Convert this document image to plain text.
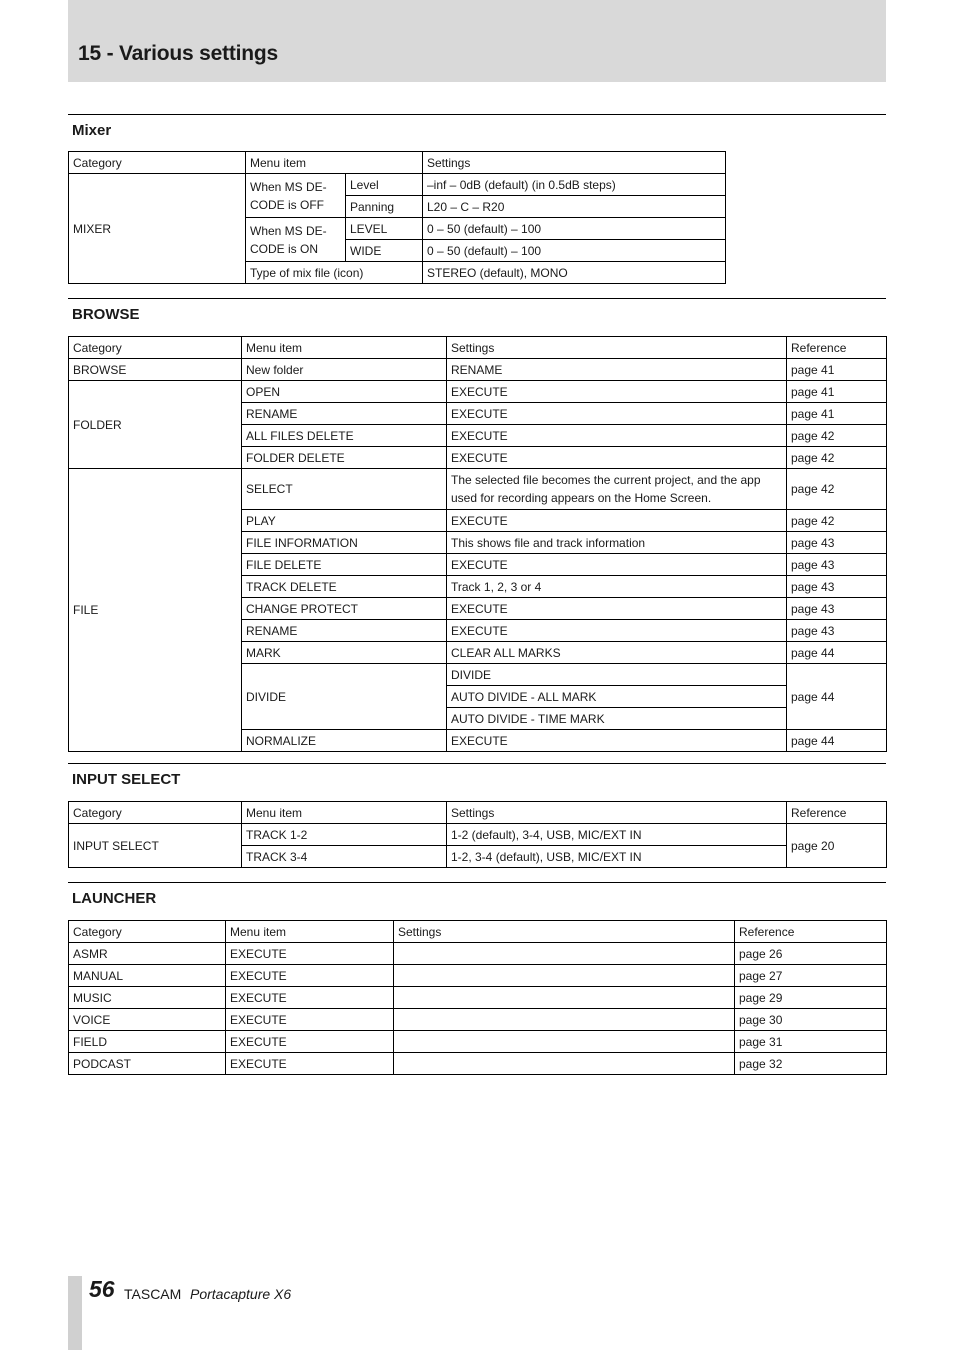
15 - Various settings
Mixer
Category	Menu item		Settings
MIXER	When MS DE-CODE is OFF	Level	–inf – 0dB (default) (in 0.5dB steps)
		Panning	L20 – C – R20
	When MS DE-CODE is ON	LEVEL	0 – 50 (default) – 100
		WIDE	0 – 50 (default) – 100
	Type of mix file (icon)		STEREO (default), MONO
BROWSE
Category	Menu item	Settings	Reference
BROWSE	New folder	RENAME	page 41
FOLDER	OPEN	EXECUTE	page 41
	RENAME	EXECUTE	page 41
	ALL FILES DELETE	EXECUTE	page 42
	FOLDER DELETE	EXECUTE	page 42
FILE	SELECT	The selected file becomes the current project, and the app used for recording appears on the Home Screen.	page 42
	PLAY	EXECUTE	page 42
	FILE INFORMATION	This shows file and track information	page 43
	FILE DELETE	EXECUTE	page 43
	TRACK DELETE	Track 1, 2, 3 or 4	page 43
	CHANGE PROTECT	EXECUTE	page 43
	RENAME	EXECUTE	page 43
	MARK	CLEAR ALL MARKS	page 44
	DIVIDE	DIVIDE	page 44
		AUTO DIVIDE - ALL MARK	
		AUTO DIVIDE - TIME MARK	
	NORMALIZE	EXECUTE	page 44
INPUT SELECT
Category	Menu item	Settings	Reference
INPUT SELECT	TRACK 1-2	1-2 (default), 3-4, USB, MIC/EXT IN	page 20
	TRACK 3-4	1-2, 3-4 (default), USB, MIC/EXT IN	
LAUNCHER
Category	Menu item	Settings	Reference
ASMR	EXECUTE		page 26
MANUAL	EXECUTE		page 27
MUSIC	EXECUTE		page 29
VOICE	EXECUTE		page 30
FIELD	EXECUTE		page 31
PODCAST	EXECUTE		page 32
56 TASCAM Portacapture X6
